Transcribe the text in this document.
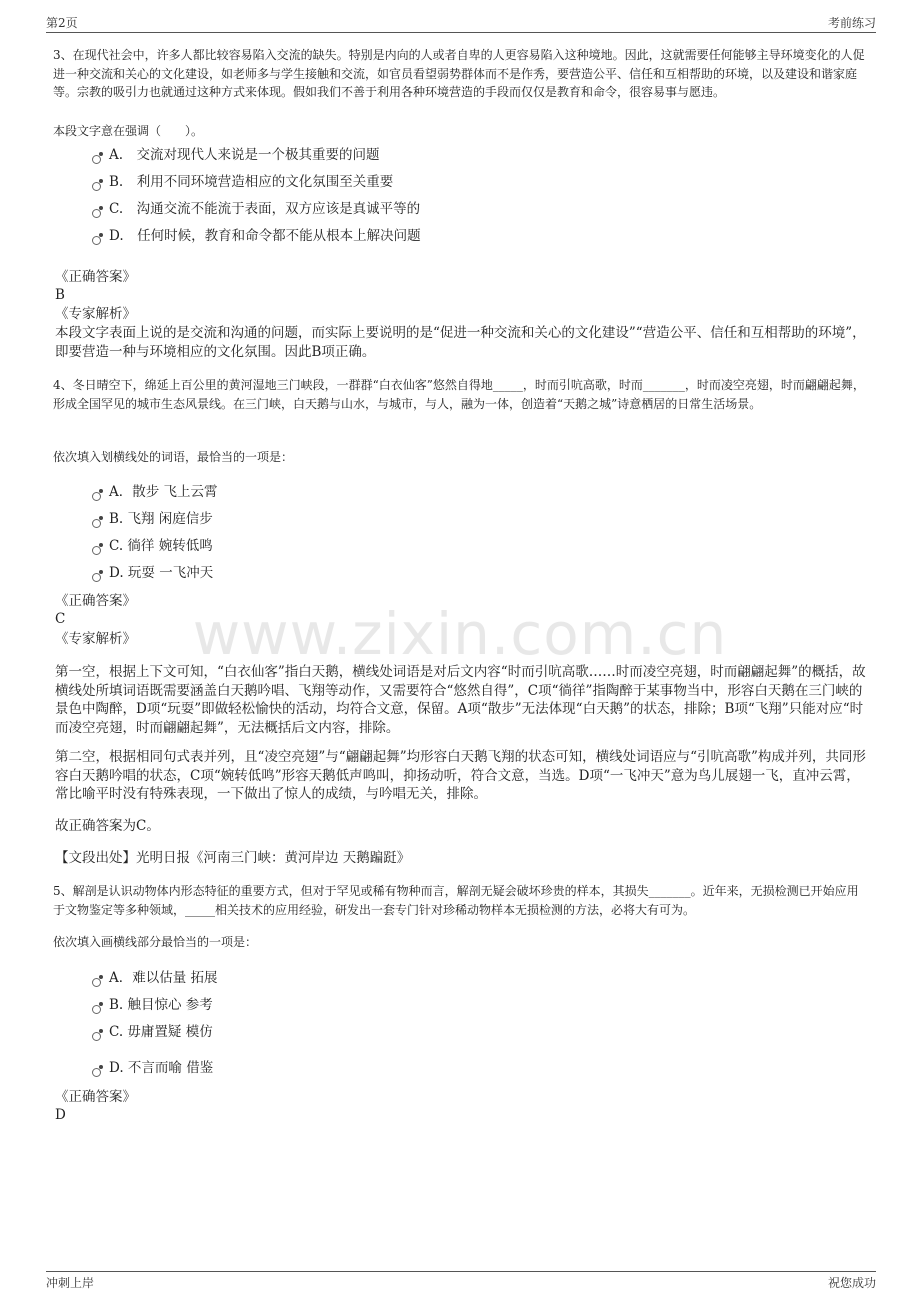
第2页	考前练习
www.zixin.com.cn

3、在现代社会中，许多人都比较容易陷入交流的缺失。特别是内向的人或者自卑的人更容易陷入这种境地。因此，这就需要任何能够主导环境变化的人促进一种交流和关心的文化建设，如老师多与学生接触和交流，如官员看望弱势群体而不是作秀，要营造公平、信任和互相帮助的环境，以及建设和谐家庭等。宗教的吸引力也就通过这种方式来体现。假如我们不善于利用各种环境营造的手段而仅仅是教育和命令，很容易事与愿违。

本段文字意在强调（　　）。

A.　交流对现代人来说是一个极其重要的问题
B.　利用不同环境营造相应的文化氛围至关重要
C.　沟通交流不能流于表面，双方应该是真诚平等的
D.　任何时候，教育和命令都不能从根本上解决问题

《正确答案》

B

《专家解析》

本段文字表面上说的是交流和沟通的问题，而实际上要说明的是“促进一种交流和关心的文化建设”“营造公平、信任和互相帮助的环境”，即要营造一种与环境相应的文化氛围。因此B项正确。

4、冬日晴空下，绵延上百公里的黄河湿地三门峡段，一群群“白衣仙客”悠然自得地_____，时而引吭高歌，时而_______，时而凌空亮翅，时而翩翩起舞，形成全国罕见的城市生态风景线。在三门峡，白天鹅与山水，与城市，与人，融为一体，创造着“天鹅之城”诗意栖居的日常生活场景。

依次填入划横线处的词语，最恰当的一项是：

A．散步 飞上云霄
B. 飞翔 闲庭信步
C. 徜徉 婉转低鸣
D. 玩耍 一飞冲天

《正确答案》

C

《专家解析》

第一空，根据上下文可知，“白衣仙客”指白天鹅，横线处词语是对后文内容“时而引吭高歌……时而凌空亮翅，时而翩翩起舞”的概括，故横线处所填词语既需要涵盖白天鹅吟唱、飞翔等动作，又需要符合“悠然自得”，C项“徜徉”指陶醉于某事物当中，形容白天鹅在三门峡的景色中陶醉，D项“玩耍”即做轻松愉快的活动，均符合文意，保留。A项“散步”无法体现“白天鹅”的状态，排除；B项“飞翔”只能对应“时而凌空亮翅，时而翩翩起舞”，无法概括后文内容，排除。

第二空，根据相同句式表并列，且“凌空亮翅”与“翩翩起舞”均形容白天鹅飞翔的状态可知，横线处词语应与“引吭高歌”构成并列，共同形容白天鹅吟唱的状态，C项“婉转低鸣”形容天鹅低声鸣叫，抑扬动听，符合文意，当选。D项“一飞冲天”意为鸟儿展翅一飞，直冲云霄，常比喻平时没有特殊表现，一下做出了惊人的成绩，与吟唱无关，排除。

故正确答案为C。

【文段出处】光明日报《河南三门峡：黄河岸边 天鹅蹁跹》

5、解剖是认识动物体内形态特征的重要方式，但对于罕见或稀有物种而言，解剖无疑会破坏珍贵的样本，其损失_______。近年来，无损检测已开始应用于文物鉴定等多种领域，_____相关技术的应用经验，研发出一套专门针对珍稀动物样本无损检测的方法，必将大有可为。

依次填入画横线部分最恰当的一项是：

A．难以估量 拓展
B. 触目惊心 参考
C. 毋庸置疑 模仿
D. 不言而喻 借鉴

《正确答案》

D

冲刺上岸	祝您成功
